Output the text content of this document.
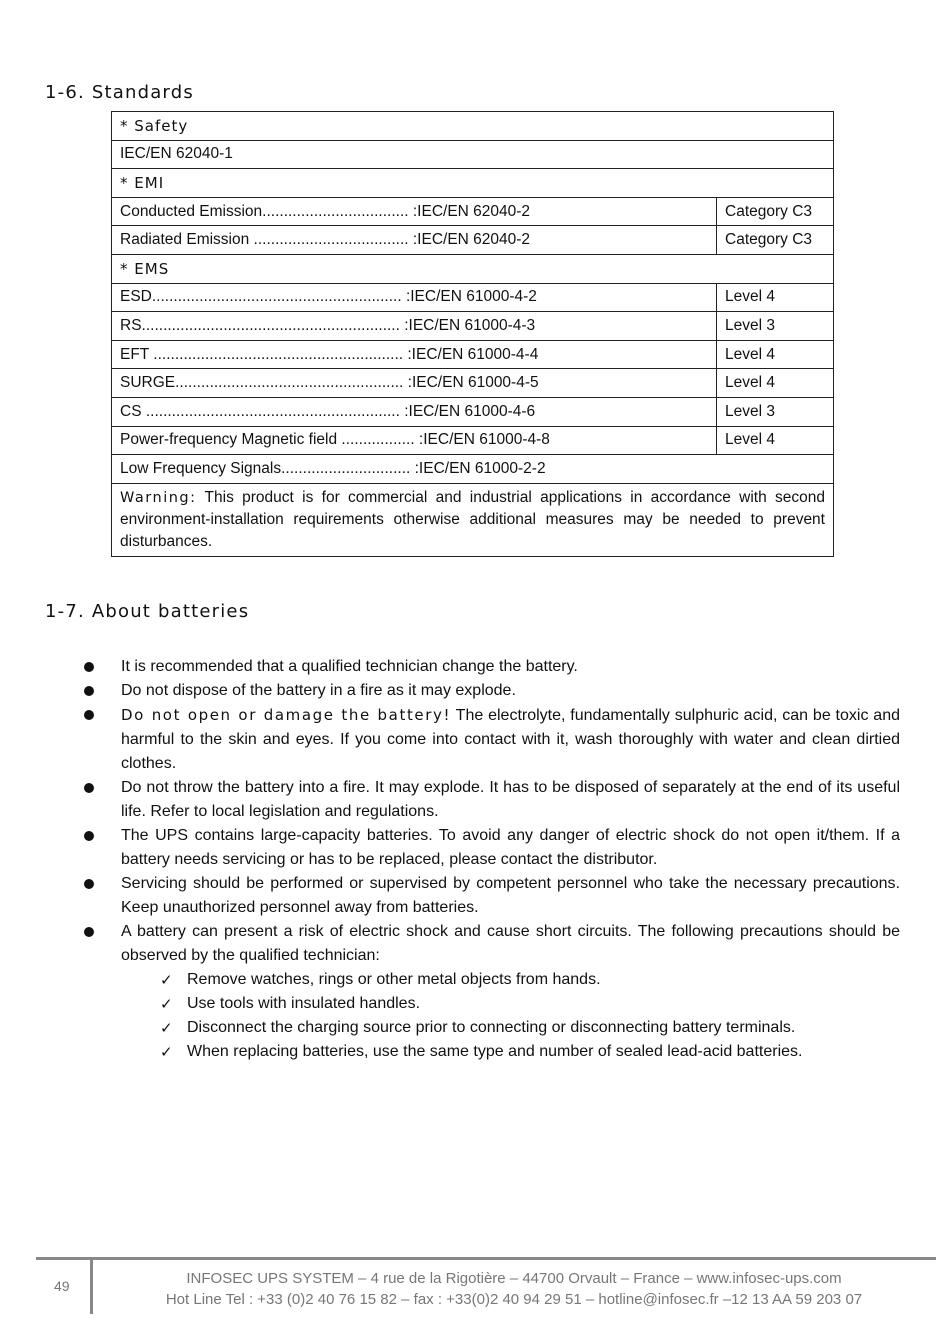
1-6. Standards
* Safety	
IEC/EN 62040-1	
* EMI	
Conducted Emission.................................. :IEC/EN 62040-2	Category C3
Radiated Emission .................................... :IEC/EN 62040-2	Category C3
* EMS	
ESD.......................................................... :IEC/EN 61000-4-2	Level 4
RS............................................................ :IEC/EN 61000-4-3	Level 3
EFT .......................................................... :IEC/EN 61000-4-4	Level 4
SURGE..................................................... :IEC/EN 61000-4-5	Level 4
CS ........................................................... :IEC/EN 61000-4-6	Level 3
Power-frequency Magnetic field ................. :IEC/EN 61000-4-8	Level 4
Low Frequency Signals.............................. :IEC/EN 61000-2-2	
Warning: This product is for commercial and industrial applications in accordance with second environment-installation requirements otherwise additional measures may be needed to prevent disturbances.	
1-7. About batteries
It is recommended that a qualified technician change the battery.
Do not dispose of the battery in a fire as it may explode.
Do not open or damage the battery! The electrolyte, fundamentally sulphuric acid, can be toxic and harmful to the skin and eyes. If you come into contact with it, wash thoroughly with water and clean dirtied clothes.
Do not throw the battery into a fire. It may explode. It has to be disposed of separately at the end of its useful life. Refer to local legislation and regulations.
The UPS contains large-capacity batteries. To avoid any danger of electric shock do not open it/them. If a battery needs servicing or has to be replaced, please contact the distributor.
Servicing should be performed or supervised by competent personnel who take the necessary precautions. Keep unauthorized personnel away from batteries.
A battery can present a risk of electric shock and cause short circuits. The following precautions should be observed by the qualified technician:
✓ Remove watches, rings or other metal objects from hands.
✓ Use tools with insulated handles.
✓ Disconnect the charging source prior to connecting or disconnecting battery terminals.
✓ When replacing batteries, use the same type and number of sealed lead-acid batteries.
49	INFOSEC UPS SYSTEM – 4 rue de la Rigotière – 44700 Orvault – France – www.infosec-ups.com
Hot Line Tel : +33 (0)2 40 76 15 82 – fax : +33(0)2 40 94 29 51 – hotline@infosec.fr –12 13 AA 59 203 07
